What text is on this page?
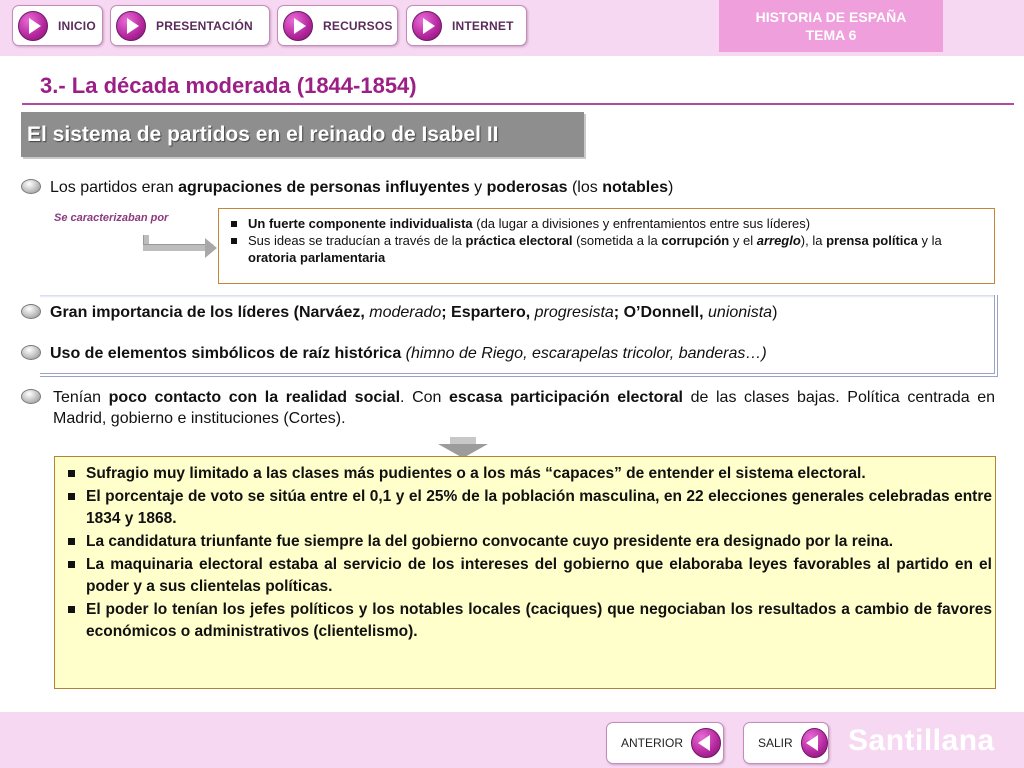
INICIO	PRESENTACIÓN	RECURSOS	INTERNET
HISTORIA DE ESPAÑA
TEMA 6
3.- La década moderada (1844-1854)
El sistema de partidos en el reinado de Isabel II
Los partidos eran agrupaciones de personas influyentes y poderosas (los notables)
Se caracterizaban por	Un fuerte componente individualista (da lugar a divisiones y enfrentamientos entre sus líderes)
Sus ideas se traducían a través de la práctica electoral (sometida a la corrupción y el arreglo), la prensa política y la oratoria parlamentaria
Gran importancia de los líderes (Narváez, moderado; Espartero, progresista; O’Donnell, unionista)
Uso de elementos simbólicos de raíz histórica (himno de Riego, escarapelas tricolor, banderas…)
Tenían poco contacto con la realidad social. Con escasa participación electoral de las clases bajas. Política centrada en Madrid, gobierno e instituciones (Cortes).
Sufragio muy limitado a las clases más pudientes o a los más “capaces” de entender el sistema electoral.
El porcentaje de voto se sitúa entre el 0,1 y el 25% de la población masculina, en 22 elecciones generales celebradas entre 1834 y 1868.
La candidatura triunfante fue siempre la del gobierno convocante cuyo presidente era designado por la reina.
La maquinaria electoral estaba al servicio de los intereses del gobierno que elaboraba leyes favorables al partido en el poder y a sus clientelas políticas.
El poder lo tenían los jefes políticos y los notables locales (caciques) que negociaban los resultados a cambio de favores económicos o administrativos (clientelismo).
ANTERIOR	SALIR Santillana
